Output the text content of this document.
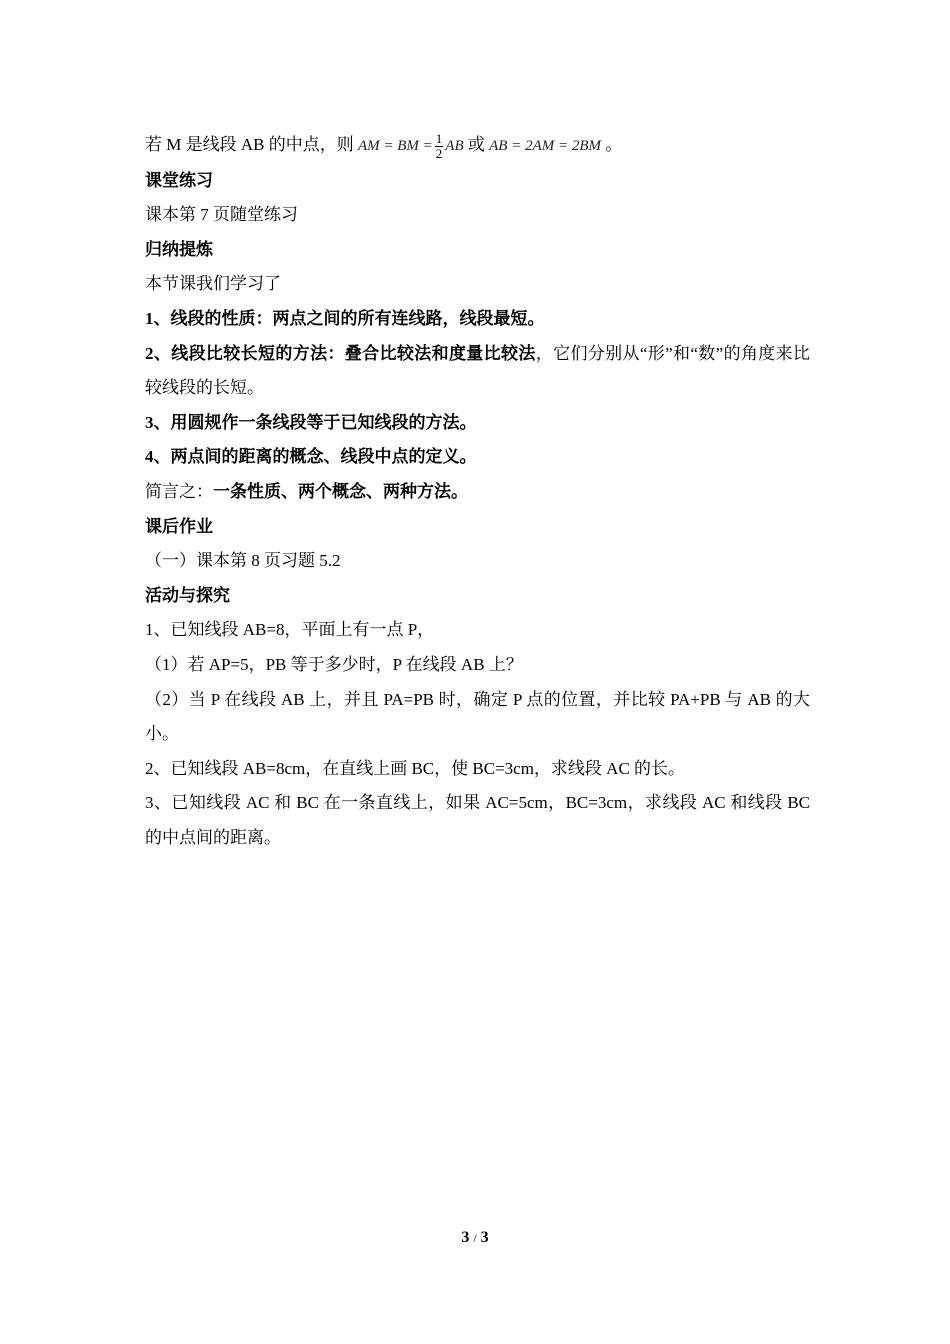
若 M 是线段 AB 的中点，则 AM = BM = $\frac{1}{2}$ AB 或 AB = 2AM = 2BM 。

课堂练习

课本第 7 页随堂练习

归纳提炼

本节课我们学习了

1、线段的性质：两点之间的所有连线路，线段最短。

2、线段比较长短的方法：叠合比较法和度量比较法，它们分别从“形”和“数”的角度来比较线段的长短。

3、用圆规作一条线段等于已知线段的方法。

4、两点间的距离的概念、线段中点的定义。

简言之：一条性质、两个概念、两种方法。

课后作业

（一）课本第 8 页习题 5.2

活动与探究

1、已知线段 AB=8，平面上有一点 P，

（1）若 AP=5，PB 等于多少时，P 在线段 AB 上？

（2）当 P 在线段 AB 上，并且 PA=PB 时，确定 P 点的位置，并比较 PA+PB 与 AB 的大小。

2、已知线段 AB=8cm，在直线上画 BC，使 BC=3cm，求线段 AC 的长。

3、已知线段 AC 和 BC 在一条直线上，如果 AC=5cm，BC=3cm，求线段 AC 和线段 BC 的中点间的距离。

3 / 3
